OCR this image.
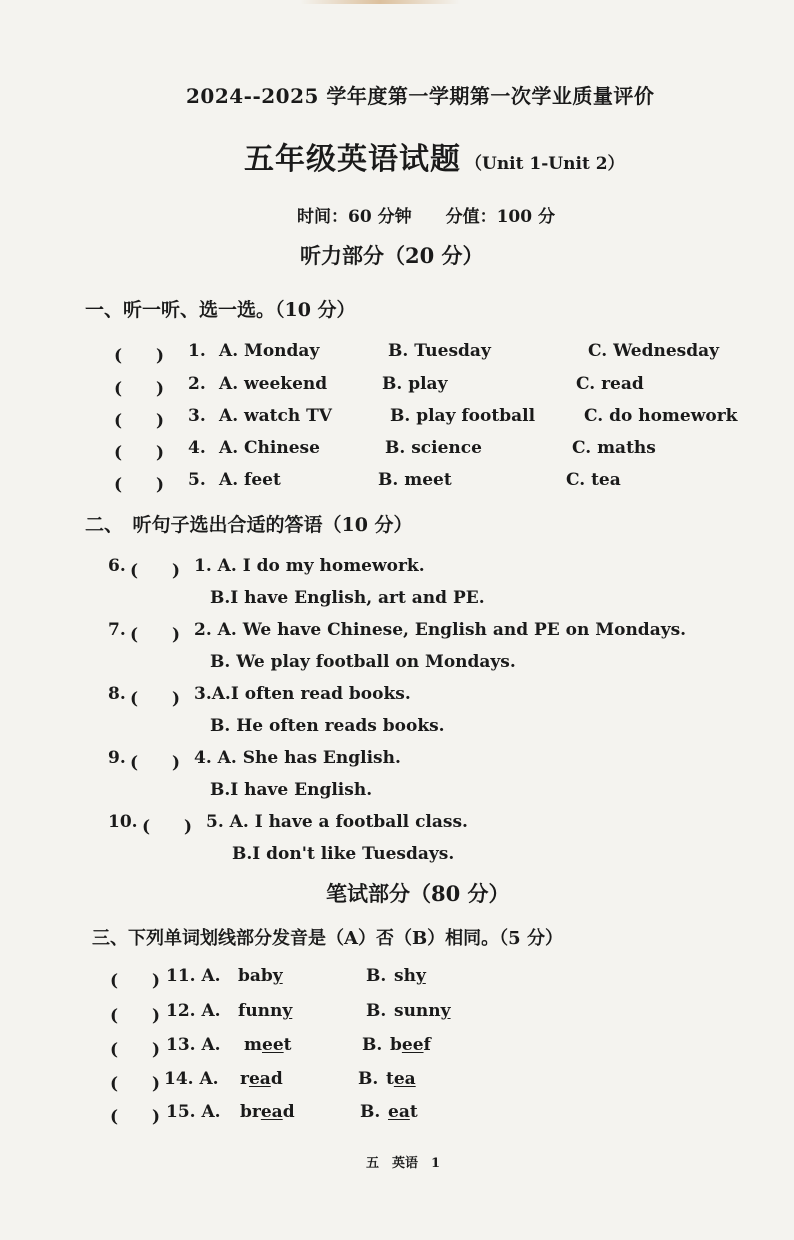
2024--2025 学年度第一学期第一次学业质量评价
五年级英语试题 （Unit 1-Unit 2）
时间：60 分钟　　分值：100 分
听力部分（20 分）
一、听一听、选一选。（10 分）
(　　) 1. A. Monday	B. Tuesday	C. Wednesday
(　　) 2. A. weekend	B. play	C. read
(　　) 3. A. watch TV	B. play football	C. do homework
(　　) 4. A. Chinese	B. science	C. maths
(　　) 5. A. feet	B. meet	C. tea
二、　听句子选出合适的答语（10 分）
6. (　　) 1. A. I do my homework.
B.I have English, art and PE.
7. (　　) 2. A. We have Chinese, English and PE on Mondays.
B. We play football on Mondays.
8. (　　) 3.A.I often read books.
B. He often reads books.
9. (　　) 4. A. She has English.
B.I have English.
10. (　　) 5. A. I have a football class.
B.I don't like Tuesdays.
笔试部分（80 分）
三、下列单词划线部分发音是（A）否（B）相同。（5 分）
(　　) 11. A. baby	B. shy
(　　) 12. A. funny	B. sunny
(　　) 13. A. meet	B. beef
(　　) 14. A. read	B. tea
(　　) 15. A. bread	B. eat
五　英语　1
